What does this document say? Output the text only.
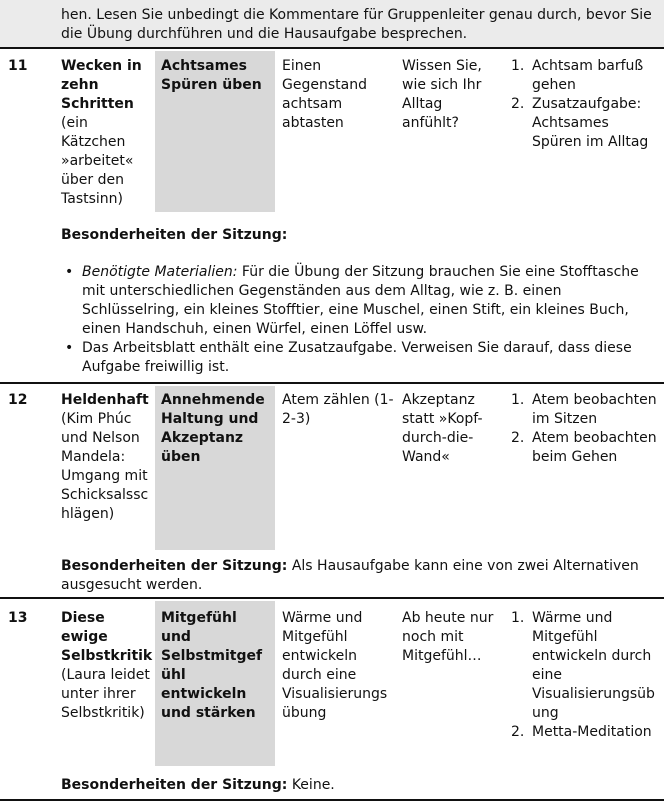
hen. Lesen Sie unbedingt die Kommentare für Gruppenleiter genau durch, bevor Sie die Übung durchführen und die Hausaufgabe besprechen.
11 Wecken in zehn Schritten
(ein Kätzchen »arbeitet« über den Tastsinn)
Achtsames Spüren üben
Einen Gegenstand achtsam abtasten
Wissen Sie, wie sich Ihr Alltag anfühlt?
1. Achtsam barfuß gehen
2. Zusatzaufgabe: Achtsames Spüren im Alltag
Besonderheiten der Sitzung:
• Benötigte Materialien: Für die Übung der Sitzung brauchen Sie eine Stofftasche mit unterschiedlichen Gegenständen aus dem Alltag, wie z. B. einen Schlüsselring, ein kleines Stofftier, eine Muschel, einen Stift, ein kleines Buch, einen Handschuh, einen Würfel, einen Löffel usw.
• Das Arbeitsblatt enthält eine Zusatzaufgabe. Verweisen Sie darauf, dass diese Aufgabe freiwillig ist.
12 Heldenhaft
(Kim Phúc und Nelson Mandela: Umgang mit Schicksalsschlägen)
Annehmende Haltung und Akzeptanz üben
Atem zählen (1-2-3)
Akzeptanz statt »Kopf-durch-die-Wand«
1. Atem beobachten im Sitzen
2. Atem beobachten beim Gehen
Besonderheiten der Sitzung: Als Hausaufgabe kann eine von zwei Alternativen ausgesucht werden.
13 Diese ewige Selbstkritik
(Laura leidet unter ihrer Selbstkritik)
Mitgefühl und Selbstmitgefühl entwickeln und stärken
Wärme und Mitgefühl entwickeln durch eine Visualisierungsübung
Ab heute nur noch mit Mitgefühl…
1. Wärme und Mitgefühl entwickeln durch eine Visualisierungsübung
2. Metta-Meditation
Besonderheiten der Sitzung: Keine.
